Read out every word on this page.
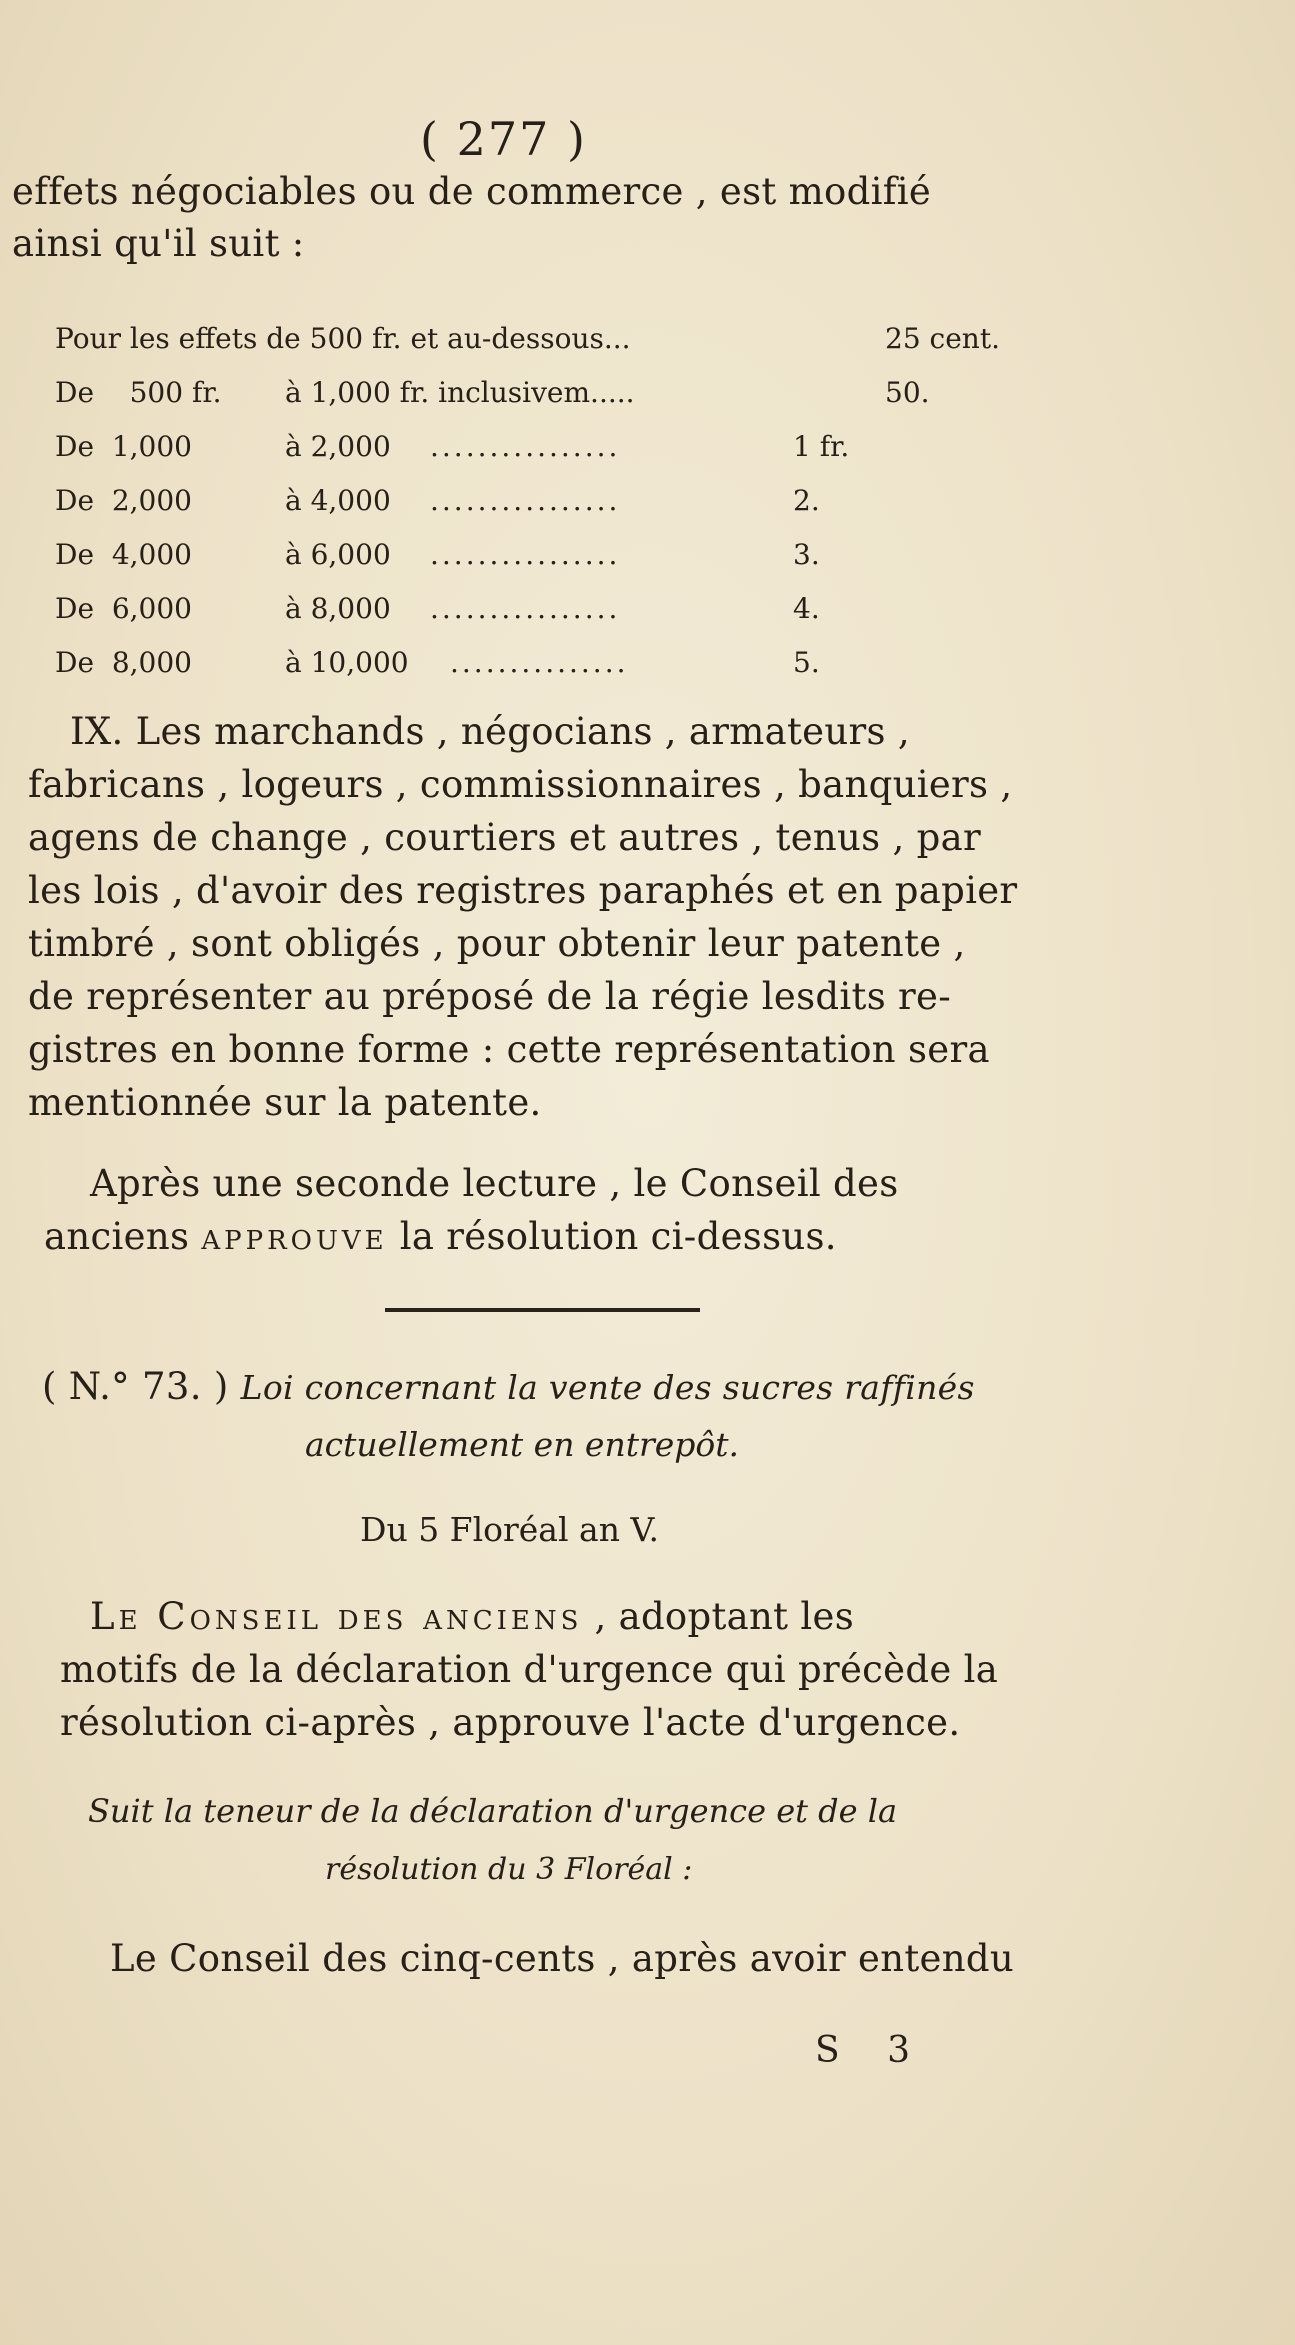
( 277 )
effets négociables ou de commerce , est modifié
ainsi qu'il suit :
Pour les effets de 500 fr. et au-dessous...	25 cent.
De    500 fr. à 1,000 fr. inclusivem.....	50.
De  1,000	à 2,000 ................	1 fr.
De  2,000	à 4,000 ................	2.
De  4,000	à 6,000 ................	3.
De  6,000	à 8,000 ................	4.
De  8,000	à 10,000 ...............	5.
IX. Les marchands , négocians , armateurs ,
fabricans , logeurs , commissionnaires , banquiers ,
agens de change , courtiers et autres , tenus , par
les lois , d'avoir des registres paraphés et en papier
timbré , sont obligés , pour obtenir leur patente ,
de représenter au préposé de la régie lesdits re-
gistres en bonne forme : cette représentation sera
mentionnée sur la patente.
Après une seconde lecture , le Conseil des
anciens approuve la résolution ci-dessus.
( N.° 73. ) Loi concernant la vente des sucres raffinés
actuellement en entrepôt.
Du 5 Floréal an V.
Le Conseil des anciens , adoptant les
motifs de la déclaration d'urgence qui précède la
résolution ci-après , approuve l'acte d'urgence.
Suit la teneur de la déclaration d'urgence et de la
résolution du 3 Floréal :
Le Conseil des cinq-cents , après avoir entendu
S 3
